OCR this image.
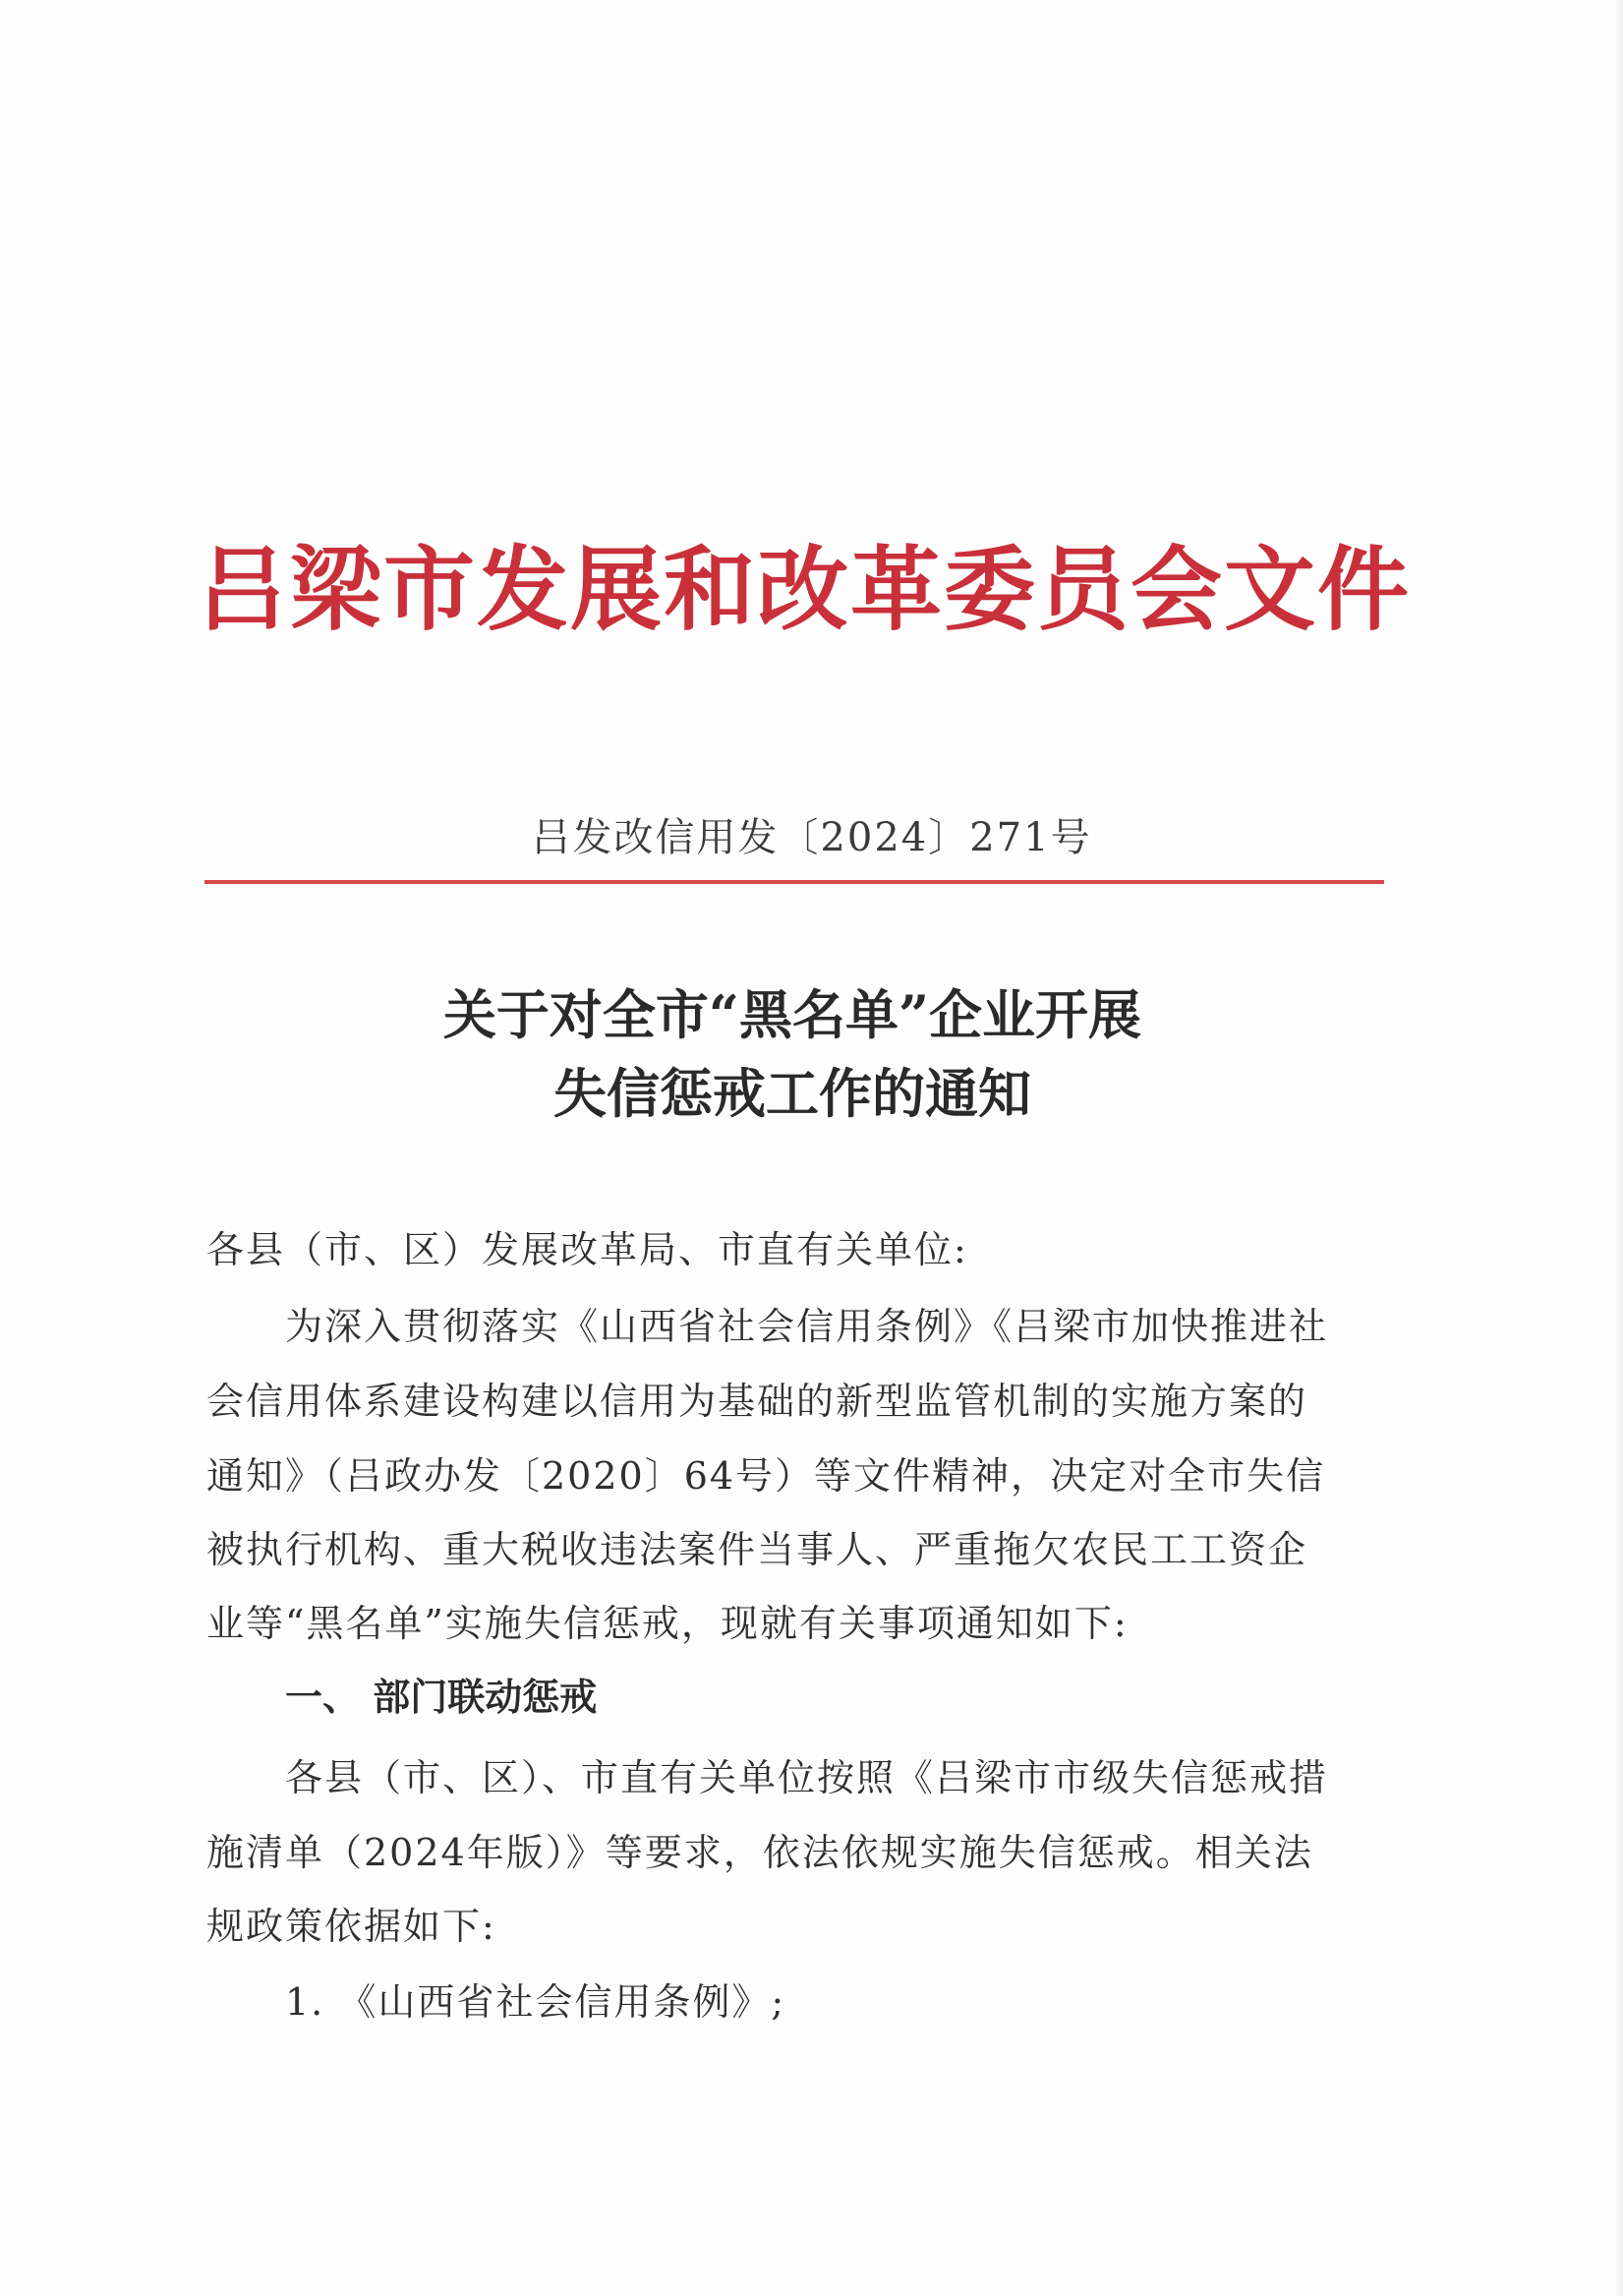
吕梁市发展和改革委员会文件
吕发改信用发〔2024〕271号
关于对全市“黑名单”企业开展
失信惩戒工作的通知
各县（市、区）发展改革局、市直有关单位:
为深入贯彻落实《山西省社会信用条例》《吕梁市加快推进社
会信用体系建设构建以信用为基础的新型监管机制的实施方案的
通知》（吕政办发〔2020〕64号）等文件精神，决定对全市失信
被执行机构、重大税收违法案件当事人、严重拖欠农民工工资企
业等“黑名单”实施失信惩戒，现就有关事项通知如下:
一、 部门联动惩戒
各县（市、区）、市直有关单位按照《吕梁市市级失信惩戒措
施清单（2024年版）》等要求，依法依规实施失信惩戒。相关法
规政策依据如下:
1. 《山西省社会信用条例》;
